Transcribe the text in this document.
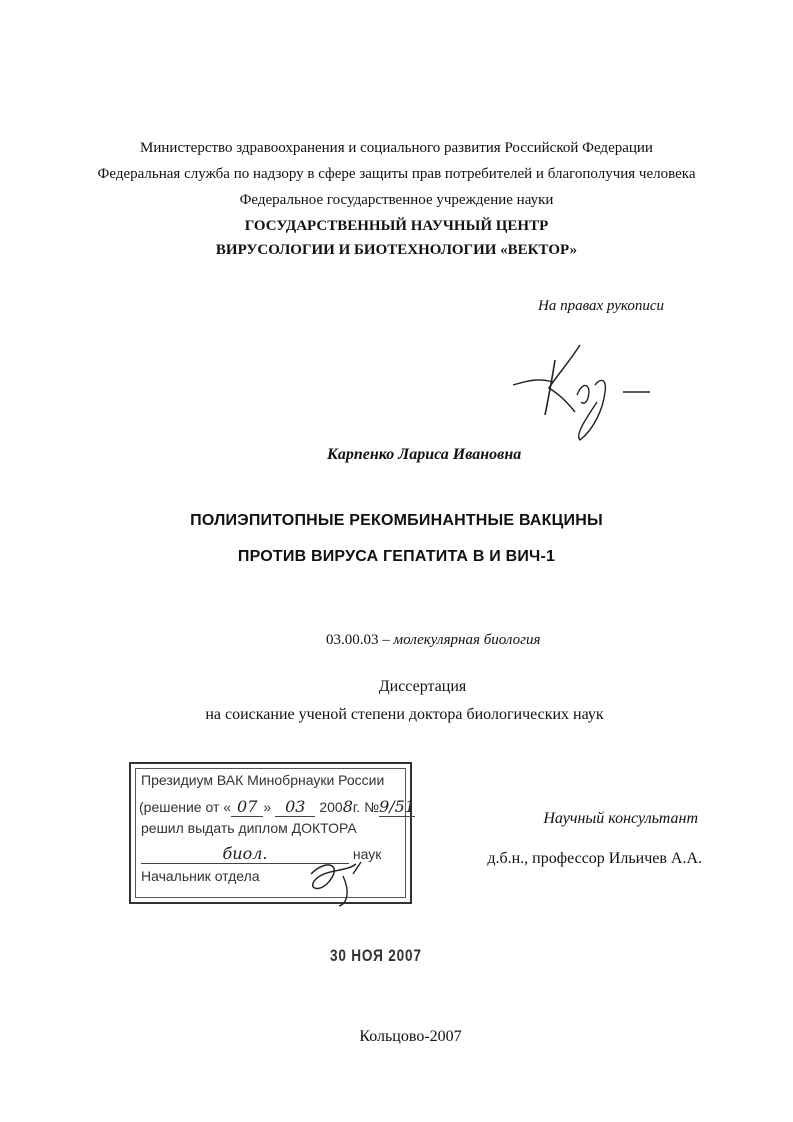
Министерство здравоохранения и социального развития Российской Федерации
Федеральная служба по надзору в сфере защиты прав потребителей и благополучия человека
Федеральное государственное учреждение науки
ГОСУДАРСТВЕННЫЙ НАУЧНЫЙ ЦЕНТР
ВИРУСОЛОГИИ И БИОТЕХНОЛОГИИ «ВЕКТОР»
На правах рукописи
Карпенко Лариса Ивановна
ПОЛИЭПИТОПНЫЕ РЕКОМБИНАНТНЫЕ ВАКЦИНЫ
ПРОТИВ ВИРУСА ГЕПАТИТА В И ВИЧ-1
03.00.03 – молекулярная биология
Диссертация
на соискание ученой степени доктора биологических наук
Президиум ВАК Минобрнауки России
(решение от « 07 » 03 2008г. №9/51
решил выдать диплом ДОКТОРА
биол.	наук
Начальник отдела
Научный консультант
д.б.н., профессор Ильичев А.А.
30 НОЯ 2007
Кольцово-2007
